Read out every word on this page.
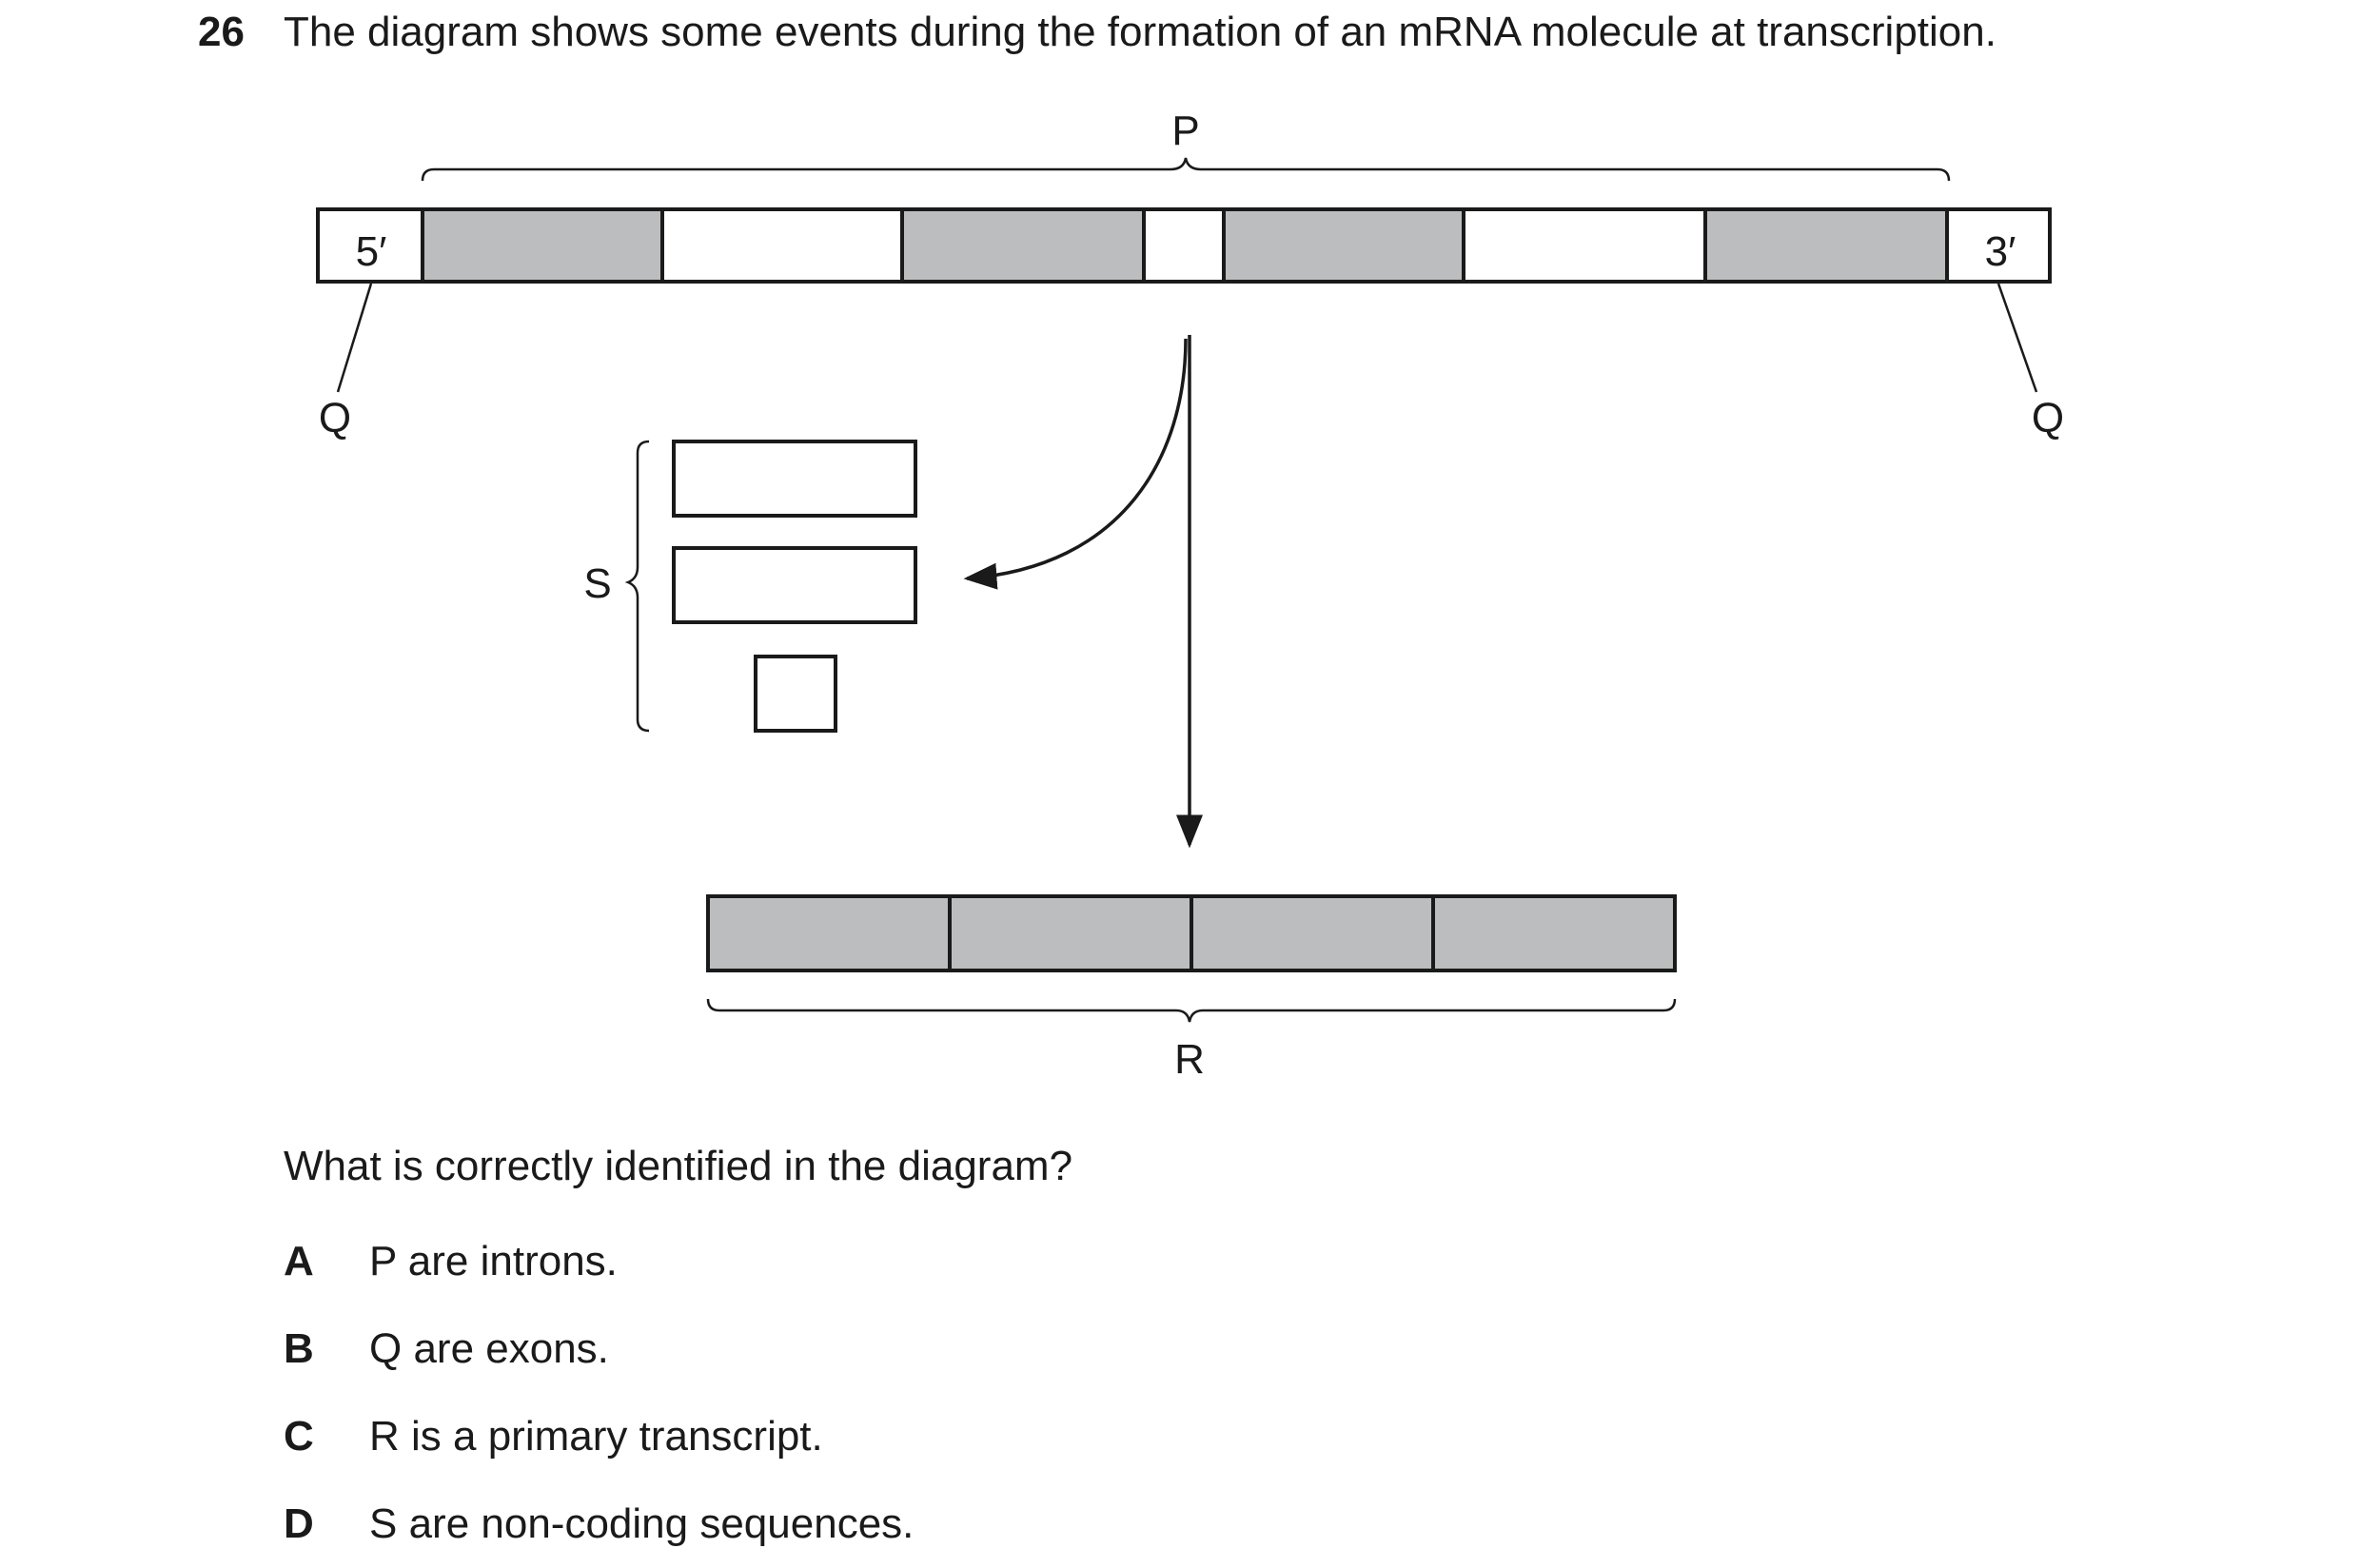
26 The diagram shows some events during the formation of an mRNA molecule at transcription.
P
5′	3′
Q	Q
S
R
What is correctly identified in the diagram?
A P are introns.
B Q are exons.
C R is a primary transcript.
D S are non-coding sequences.
